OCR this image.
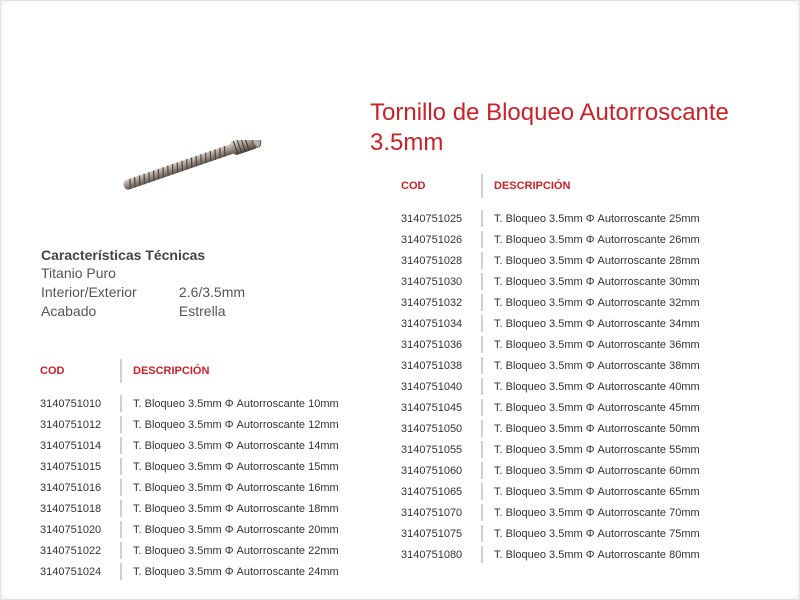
Tornillo de Bloqueo Autorroscante 3.5mm
Características Técnicas
Titanio Puro
Interior/Exterior	2.6/3.5mm
Acabado	Estrella
COD		DESCRIPCIÓN
3140751010		T. Bloqueo 3.5mm Φ Autorroscante 10mm
3140751012		T. Bloqueo 3.5mm Φ Autorroscante 12mm
3140751014		T. Bloqueo 3.5mm Φ Autorroscante 14mm
3140751015		T. Bloqueo 3.5mm Φ Autorroscante 15mm
3140751016		T. Bloqueo 3.5mm Φ Autorroscante 16mm
3140751018		T. Bloqueo 3.5mm Φ Autorroscante 18mm
3140751020		T. Bloqueo 3.5mm Φ Autorroscante 20mm
3140751022		T. Bloqueo 3.5mm Φ Autorroscante 22mm
3140751024		T. Bloqueo 3.5mm Φ Autorroscante 24mm
COD		DESCRIPCIÓN
3140751025		T. Bloqueo 3.5mm Φ Autorroscante 25mm
3140751026		T. Bloqueo 3.5mm Φ Autorroscante 26mm
3140751028		T. Bloqueo 3.5mm Φ Autorroscante 28mm
3140751030		T. Bloqueo 3.5mm Φ Autorroscante 30mm
3140751032		T. Bloqueo 3.5mm Φ Autorroscante 32mm
3140751034		T. Bloqueo 3.5mm Φ Autorroscante 34mm
3140751036		T. Bloqueo 3.5mm Φ Autorroscante 36mm
3140751038		T. Bloqueo 3.5mm Φ Autorroscante 38mm
3140751040		T. Bloqueo 3.5mm Φ Autorroscante 40mm
3140751045		T. Bloqueo 3.5mm Φ Autorroscante 45mm
3140751050		T. Bloqueo 3.5mm Φ Autorroscante 50mm
3140751055		T. Bloqueo 3.5mm Φ Autorroscante 55mm
3140751060		T. Bloqueo 3.5mm Φ Autorroscante 60mm
3140751065		T. Bloqueo 3.5mm Φ Autorroscante 65mm
3140751070		T. Bloqueo 3.5mm Φ Autorroscante 70mm
3140751075		T. Bloqueo 3.5mm Φ Autorroscante 75mm
3140751080		T. Bloqueo 3.5mm Φ Autorroscante 80mm
